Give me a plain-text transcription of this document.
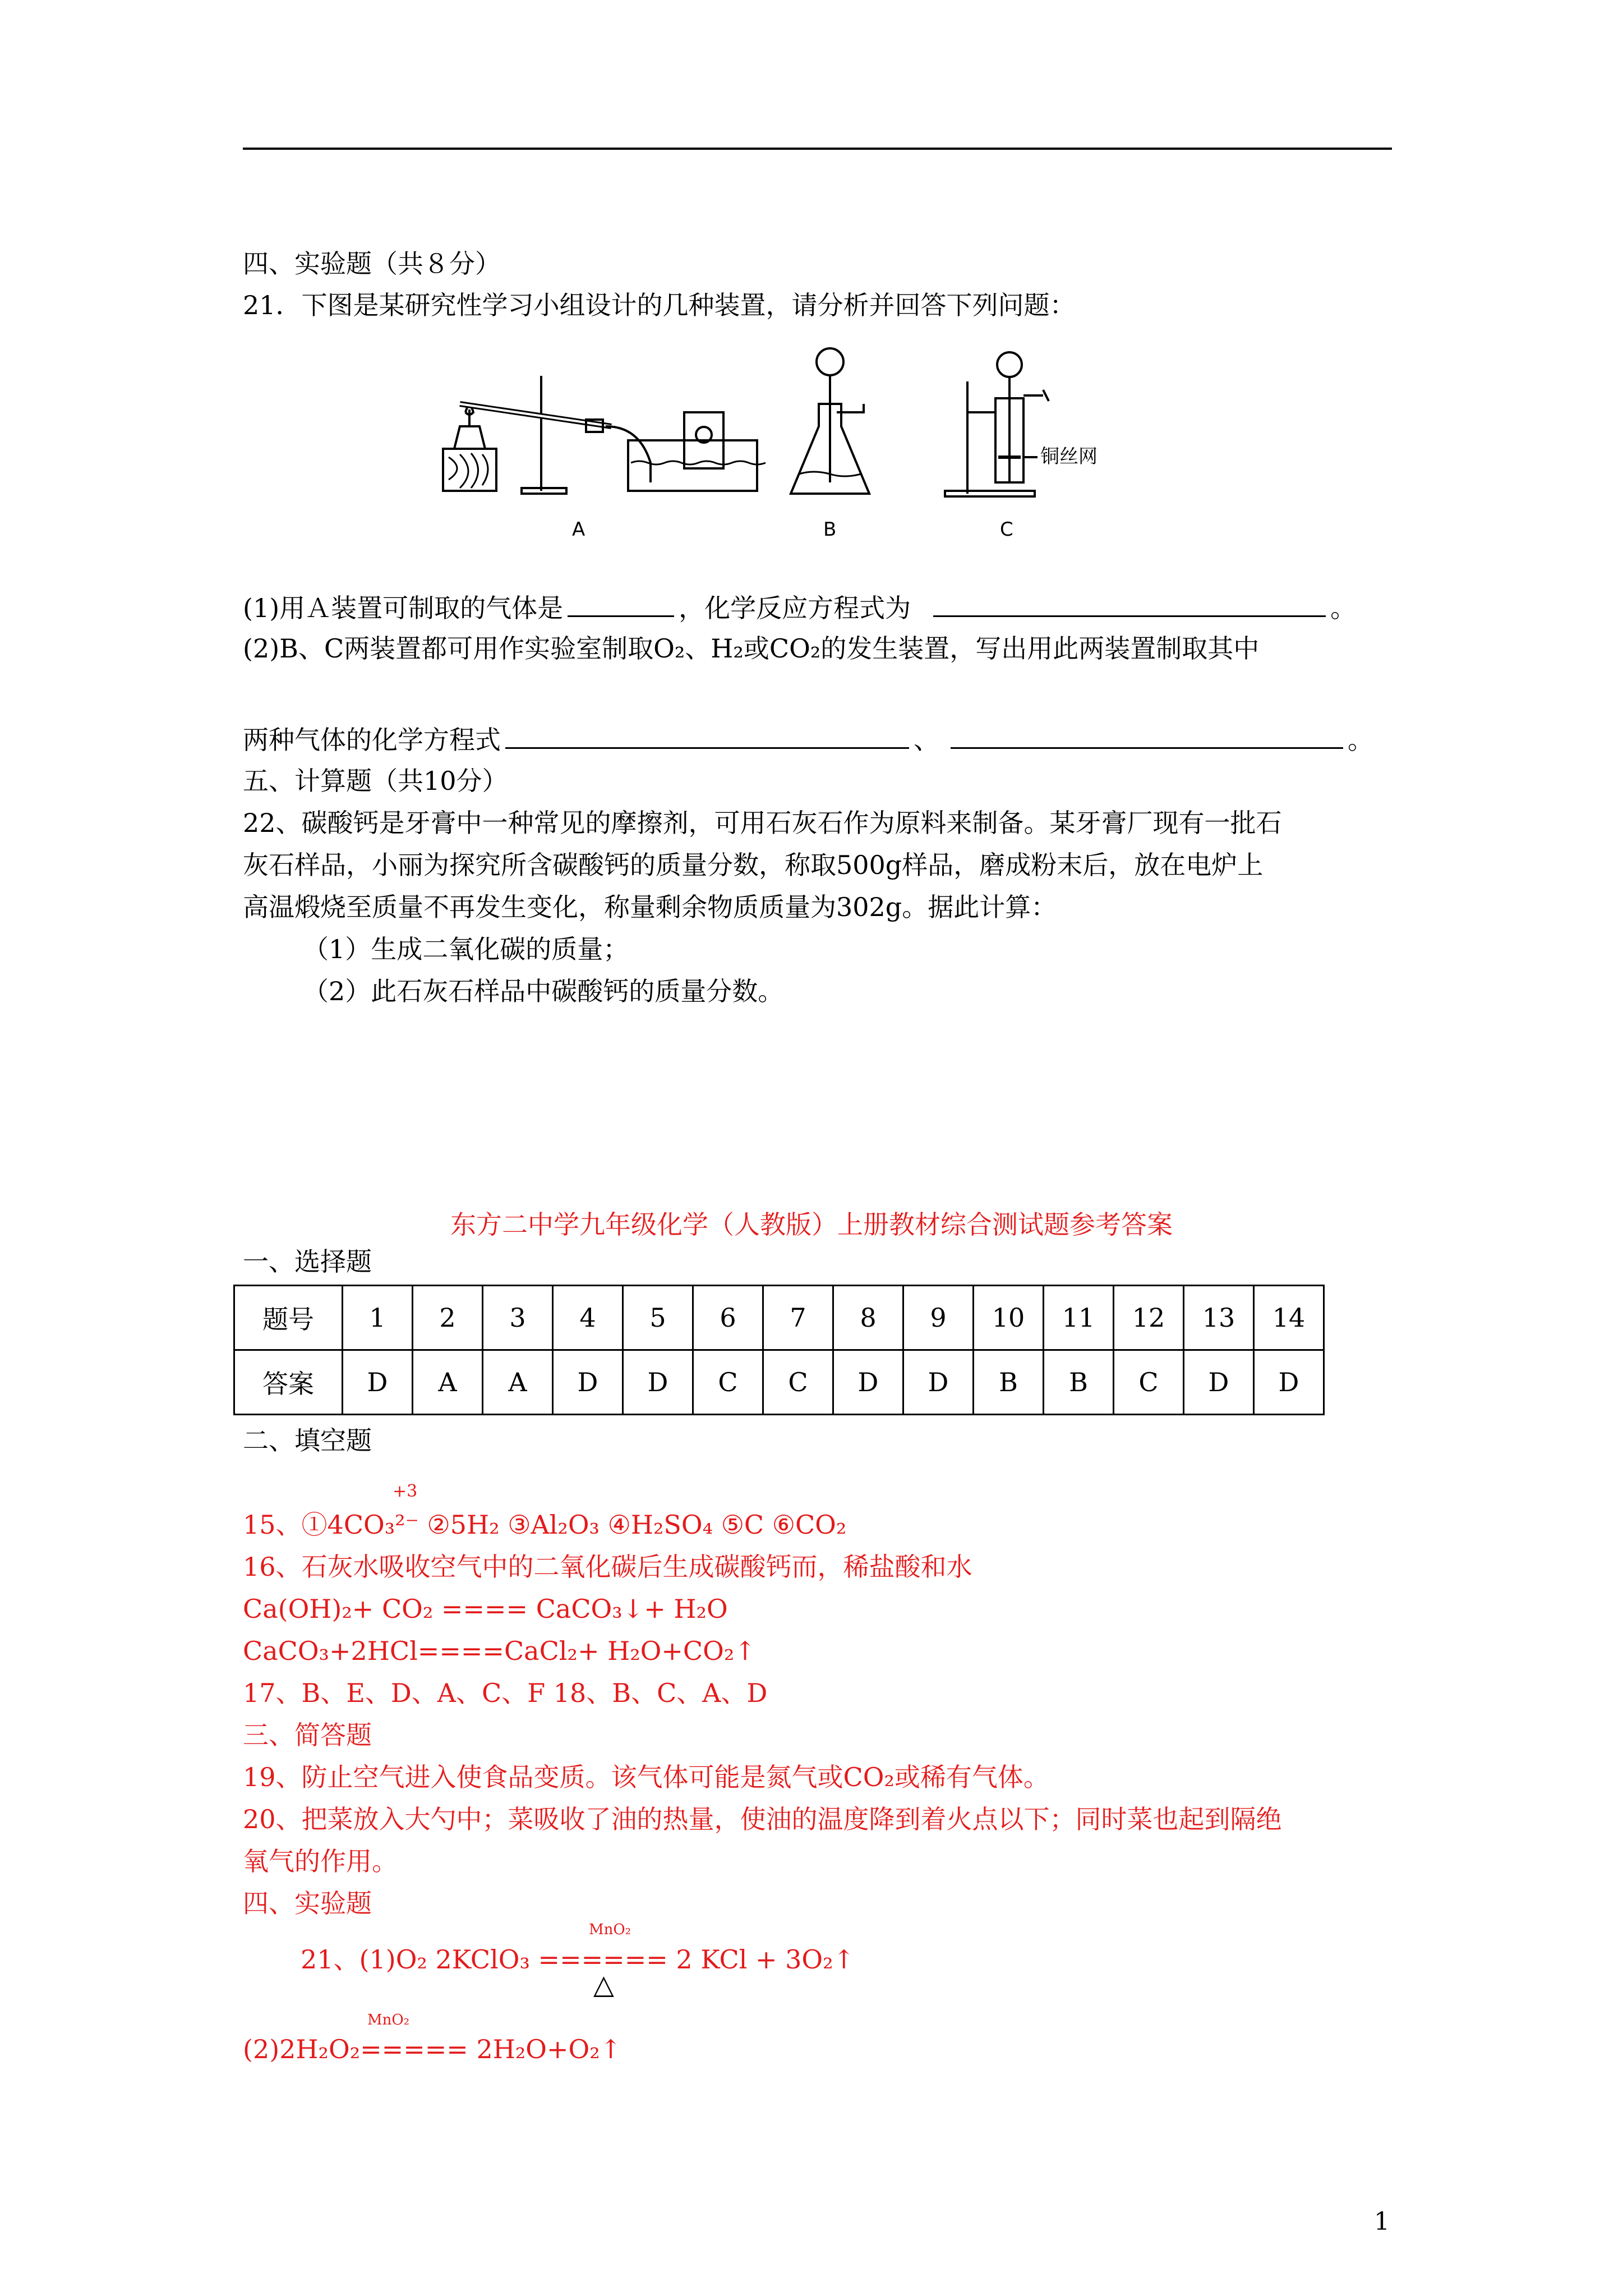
四、实验题（共８分）
21．下图是某研究性学习小组设计的几种装置，请分析并回答下列问题：
铜丝网
A	B	C
(1)用Ａ装置可制取的气体是	，化学反应方程式为	。
(2)B、C两装置都可用作实验室制取O₂、H₂或CO₂的发生装置，写出用此两装置制取其中
两种气体的化学方程式	、	。
五、计算题（共10分）
22、碳酸钙是牙膏中一种常见的摩擦剂，可用石灰石作为原料来制备。某牙膏厂现有一批石
灰石样品，小丽为探究所含碳酸钙的质量分数，称取500g样品，磨成粉末后，放在电炉上
高温煅烧至质量不再发生变化，称量剩余物质质量为302g。据此计算：
（1）生成二氧化碳的质量；
（2）此石灰石样品中碳酸钙的质量分数。
东方二中学九年级化学（人教版）上册教材综合测试题参考答案
一、选择题
题号	1	2	3	4	5	6	7	8	9	10	11	12	13	14
答案	D	A	A	D	D	C	C	D	D	B	B	C	D	D
二、填空题
+3
15、①4CO₃²⁻ ②5H₂ ③Al₂O₃ ④H₂SO₄ ⑤C ⑥CO₂
16、石灰水吸收空气中的二氧化碳后生成碳酸钙而，稀盐酸和水
Ca(OH)₂+ CO₂ ==== CaCO₃↓+ H₂O
CaCO₃+2HCl====CaCl₂+ H₂O+CO₂↑
17、B、E、D、A、C、F 18、B、C、A、D
三、简答题
19、防止空气进入使食品变质。该气体可能是氮气或CO₂或稀有气体。
20、把菜放入大勺中；菜吸收了油的热量，使油的温度降到着火点以下；同时菜也起到隔绝
氧气的作用。
四、实验题
MnO₂
21、(1)O₂ 2KClO₃ ====== 2 KCl + 3O₂↑
△
MnO₂
(2)2H₂O₂===== 2H₂O+O₂↑
1
